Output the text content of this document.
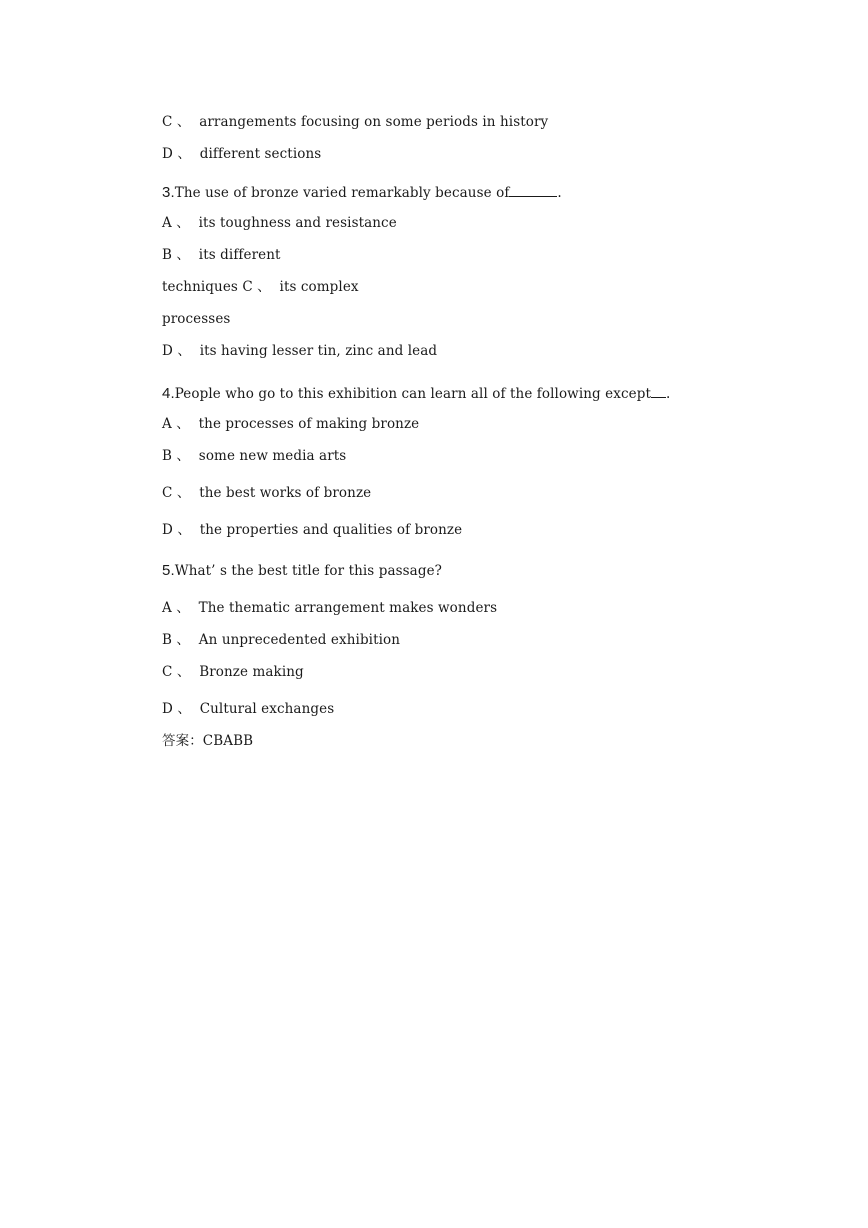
C 、  arrangements focusing on some periods in history
D 、  different sections
3.The use of bronze varied remarkably because of	.
A 、  its toughness and resistance
B 、  its different
techniques C 、  its complex
processes
D 、  its having lesser tin, zinc and lead
4.People who go to this exhibition can learn all of the following except .
A 、  the processes of making bronze
B 、  some new media arts
C 、  the best works of bronze
D 、  the properties and qualities of bronze
5.What’ s the best title for this passage?
A 、  The thematic arrangement makes wonders
B 、  An unprecedented exhibition
C 、  Bronze making
D 、  Cultural exchanges
答案：CBABB
